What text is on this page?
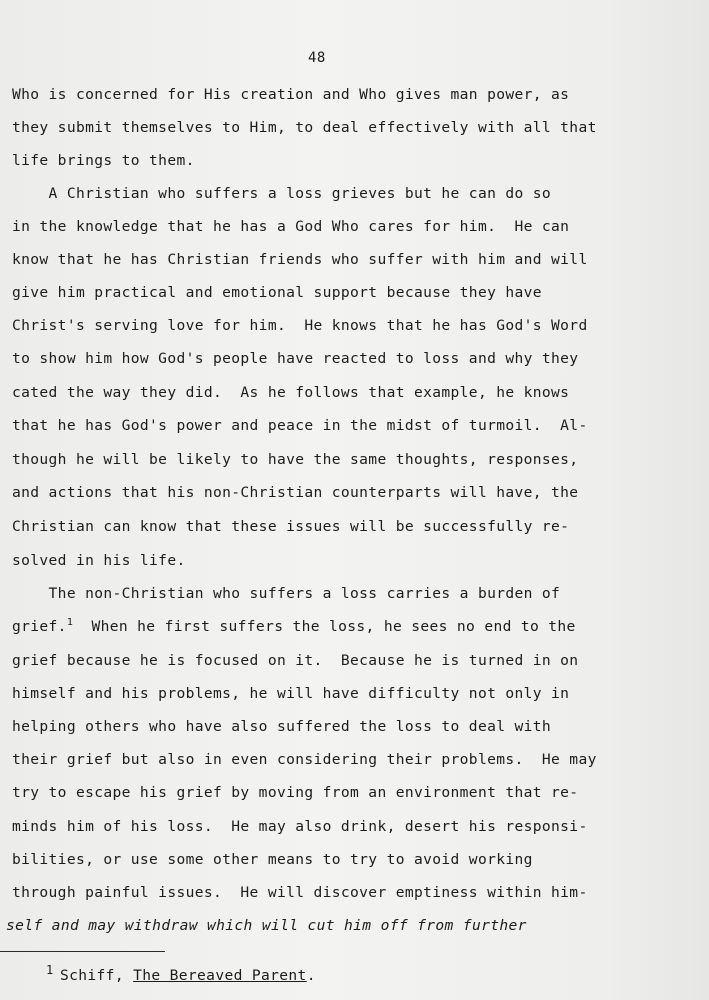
48
Who is concerned for His creation and Who gives man power, as
they submit themselves to Him, to deal effectively with all that
life brings to them.
A Christian who suffers a loss grieves but he can do so
in the knowledge that he has a God Who cares for him.  He can
know that he has Christian friends who suffer with him and will
give him practical and emotional support because they have
Christ's serving love for him.  He knows that he has God's Word
to show him how God's people have reacted to loss and why they
cated the way they did.  As he follows that example, he knows
that he has God's power and peace in the midst of turmoil.  Al-
though he will be likely to have the same thoughts, responses,
and actions that his non-Christian counterparts will have, the
Christian can know that these issues will be successfully re-
solved in his life.
The non-Christian who suffers a loss carries a burden of
grief.$^1$  When he first suffers the loss, he sees no end to the
grief because he is focused on it.  Because he is turned in on
himself and his problems, he will have difficulty not only in
helping others who have also suffered the loss to deal with
their grief but also in even considering their problems.  He may
try to escape his grief by moving from an environment that re-
minds him of his loss.  He may also drink, desert his responsi-
bilities, or use some other means to try to avoid working
through painful issues.  He will discover emptiness within him-
self and may withdraw which will cut him off from further
1 Schiff, The Bereaved Parent.
